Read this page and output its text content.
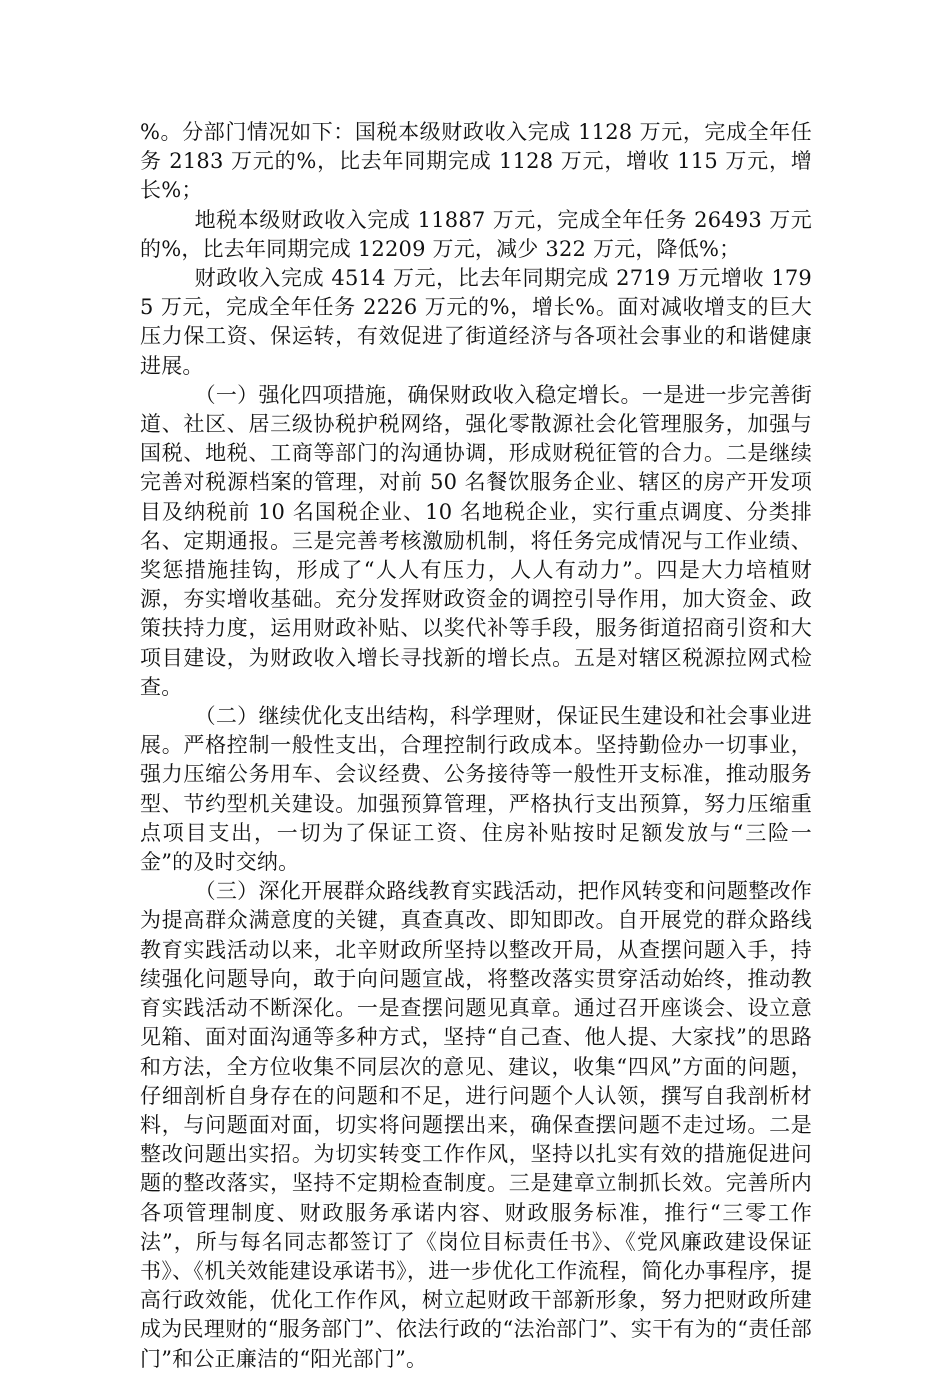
%。分部门情况如下：国税本级财政收入完成 1128 万元，完成全年任务 2183 万元的%，比去年同期完成 1128 万元，增收 115 万元，增长%；

地税本级财政收入完成 11887 万元，完成全年任务 26493 万元的%，比去年同期完成 12209 万元，减少 322 万元，降低%；

财政收入完成 4514 万元，比去年同期完成 2719 万元增收 1795 万元，完成全年任务 2226 万元的%，增长%。面对减收增支的巨大压力保工资、保运转，有效促进了街道经济与各项社会事业的和谐健康进展。

（一）强化四项措施，确保财政收入稳定增长。一是进一步完善街道、社区、居三级协税护税网络，强化零散源社会化管理服务，加强与国税、地税、工商等部门的沟通协调，形成财税征管的合力。二是继续完善对税源档案的管理，对前 50 名餐饮服务企业、辖区的房产开发项目及纳税前 10 名国税企业、10 名地税企业，实行重点调度、分类排名、定期通报。三是完善考核激励机制，将任务完成情况与工作业绩、奖惩措施挂钩，形成了“人人有压力，人人有动力”。四是大力培植财源，夯实增收基础。充分发挥财政资金的调控引导作用，加大资金、政策扶持力度，运用财政补贴、以奖代补等手段，服务街道招商引资和大项目建设，为财政收入增长寻找新的增长点。五是对辖区税源拉网式检查。

（二）继续优化支出结构，科学理财，保证民生建设和社会事业进展。严格控制一般性支出，合理控制行政成本。坚持勤俭办一切事业，强力压缩公务用车、会议经费、公务接待等一般性开支标准，推动服务型、节约型机关建设。加强预算管理，严格执行支出预算，努力压缩重点项目支出，一切为了保证工资、住房补贴按时足额发放与“三险一金”的及时交纳。

（三）深化开展群众路线教育实践活动，把作风转变和问题整改作为提高群众满意度的关键，真查真改、即知即改。自开展党的群众路线教育实践活动以来，北辛财政所坚持以整改开局，从查摆问题入手，持续强化问题导向，敢于向问题宣战，将整改落实贯穿活动始终，推动教育实践活动不断深化。一是查摆问题见真章。通过召开座谈会、设立意见箱、面对面沟通等多种方式，坚持“自己查、他人提、大家找”的思路和方法，全方位收集不同层次的意见、建议，收集“四风”方面的问题，仔细剖析自身存在的问题和不足，进行问题个人认领，撰写自我剖析材料，与问题面对面，切实将问题摆出来，确保查摆问题不走过场。二是整改问题出实招。为切实转变工作作风，坚持以扎实有效的措施促进问题的整改落实，坚持不定期检查制度。三是建章立制抓长效。完善所内各项管理制度、财政服务承诺内容、财政服务标准，推行“三零工作法”，所与每名同志都签订了《岗位目标责任书》、《党风廉政建设保证书》、《机关效能建设承诺书》，进一步优化工作流程，简化办事程序，提高行政效能，优化工作作风，树立起财政干部新形象，努力把财政所建成为民理财的“服务部门”、依法行政的“法治部门”、实干有为的“责任部门”和公正廉洁的“阳光部门”。
